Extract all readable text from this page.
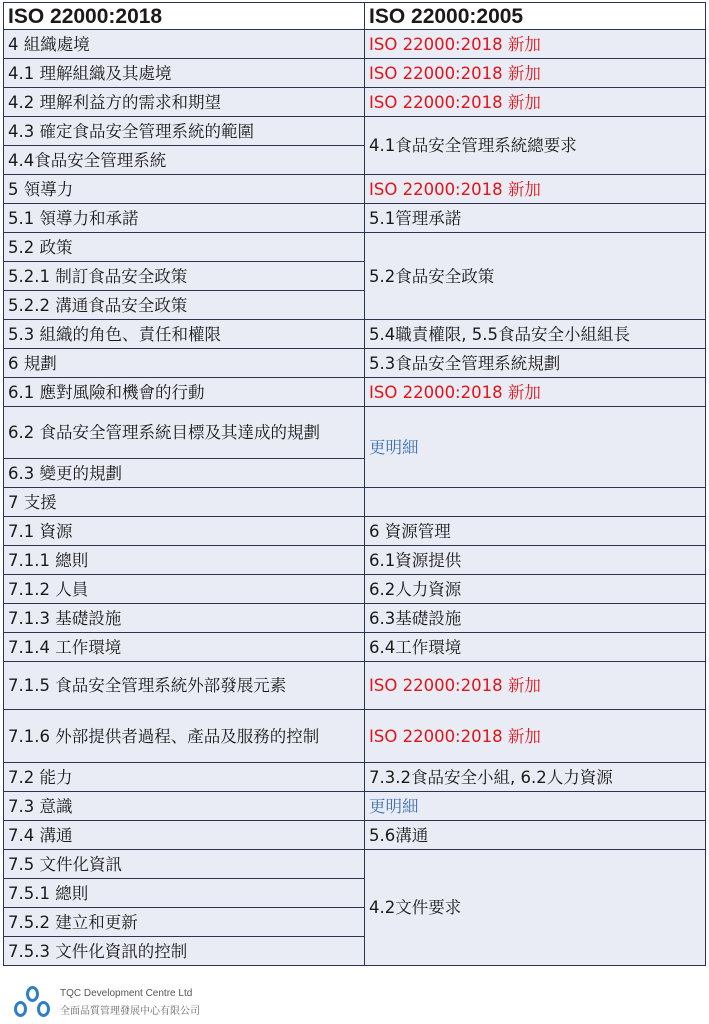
ISO 22000:2018	ISO 22000:2005
4 組織處境	ISO 22000:2018 新加
4.1 理解組織及其處境	ISO 22000:2018 新加
4.2 理解利益方的需求和期望	ISO 22000:2018 新加
4.3 確定食品安全管理系統的範圍	4.1食品安全管理系統總要求
4.4食品安全管理系統	
5 領導力	ISO 22000:2018 新加
5.1 領導力和承諾	5.1管理承諾
5.2 政策	5.2食品安全政策
5.2.1 制訂食品安全政策	
5.2.2 溝通食品安全政策	
5.3 組織的角色、責任和權限	5.4職責權限, 5.5食品安全小組組長
6 規劃	5.3食品安全管理系統規劃
6.1 應對風險和機會的行動	ISO 22000:2018 新加
6.2 食品安全管理系統目標及其達成的規劃	更明細
6.3 變更的規劃	
7 支援	
7.1 資源	6 資源管理
7.1.1 總則	6.1資源提供
7.1.2 人員	6.2人力資源
7.1.3 基礎設施	6.3基礎設施
7.1.4 工作環境	6.4工作環境
7.1.5 食品安全管理系統外部發展元素	ISO 22000:2018 新加
7.1.6 外部提供者過程、產品及服務的控制	ISO 22000:2018 新加
7.2 能力	7.3.2食品安全小組, 6.2人力資源
7.3 意識	更明細
7.4 溝通	5.6溝通
7.5 文件化資訊	4.2文件要求
7.5.1 總則	
7.5.2 建立和更新	
7.5.3 文件化資訊的控制	
TQC Development Centre Ltd
全面品質管理發展中心有限公司
